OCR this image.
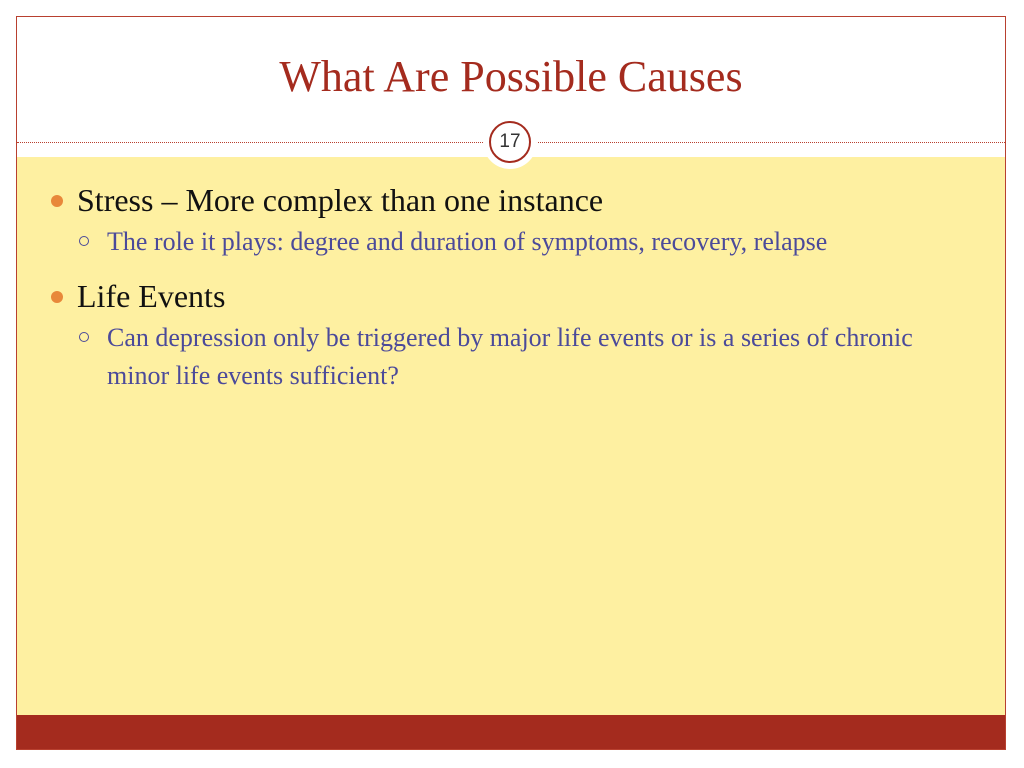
What Are Possible Causes
17
Stress – More complex than one instance
The role it plays: degree and duration of symptoms, recovery, relapse
Life Events
Can depression only be triggered by major life events or is a series of chronic minor life events sufficient?
